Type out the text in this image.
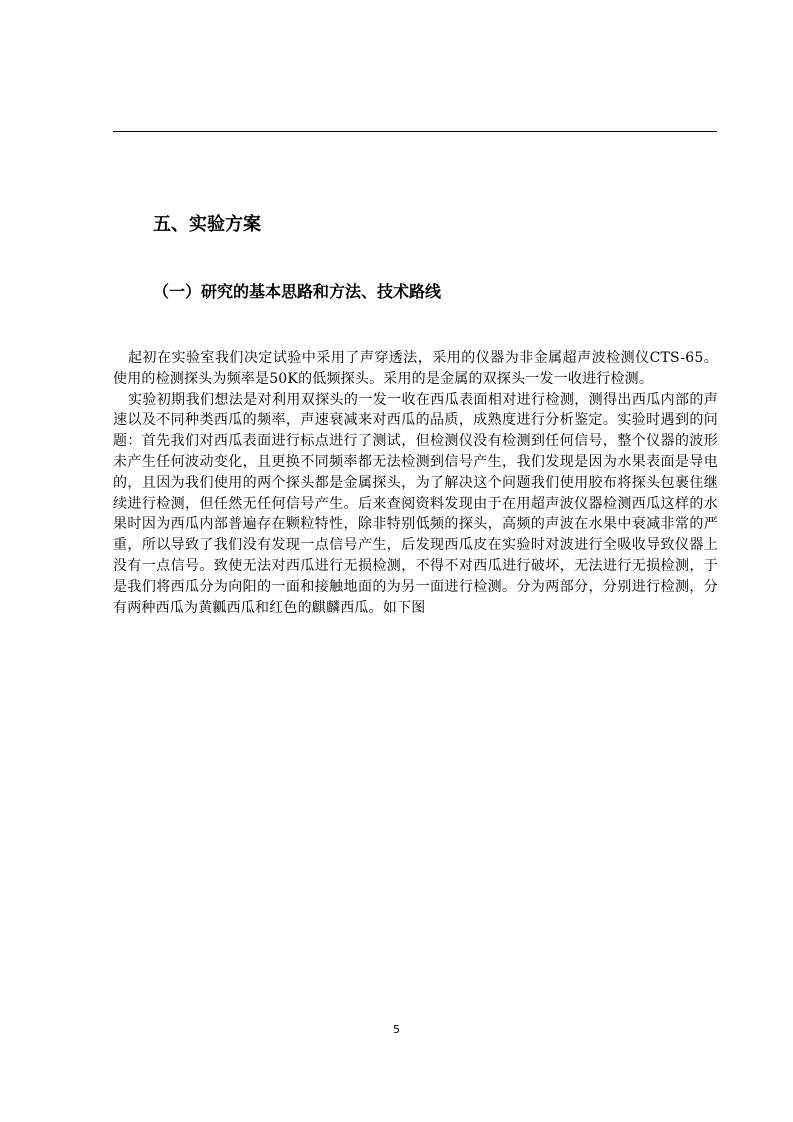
五、实验方案
（一）研究的基本思路和方法、技术路线

起初在实验室我们决定试验中采用了声穿透法，采用的仪器为非金属超声波检测仪CTS-65。使用的检测探头为频率是50K的低频探头。采用的是金属的双探头一发一收进行检测。

实验初期我们想法是对利用双探头的一发一收在西瓜表面相对进行检测，测得出西瓜内部的声速以及不同种类西瓜的频率，声速衰减来对西瓜的品质，成熟度进行分析鉴定。实验时遇到的问题：首先我们对西瓜表面进行标点进行了测试，但检测仪没有检测到任何信号，整个仪器的波形未产生任何波动变化，且更换不同频率都无法检测到信号产生，我们发现是因为水果表面是导电的，且因为我们使用的两个探头都是金属探头，为了解决这个问题我们使用胶布将探头包裹住继续进行检测，但任然无任何信号产生。后来查阅资料发现由于在用超声波仪器检测西瓜这样的水果时因为西瓜内部普遍存在颗粒特性，除非特别低频的探头，高频的声波在水果中衰减非常的严重，所以导致了我们没有发现一点信号产生，后发现西瓜皮在实验时对波进行全吸收导致仪器上没有一点信号。致使无法对西瓜进行无损检测，不得不对西瓜进行破坏，无法进行无损检测，于是我们将西瓜分为向阳的一面和接触地面的为另一面进行检测。分为两部分，分别进行检测，分有两种西瓜为黄瓤西瓜和红色的麒麟西瓜。如下图

5
